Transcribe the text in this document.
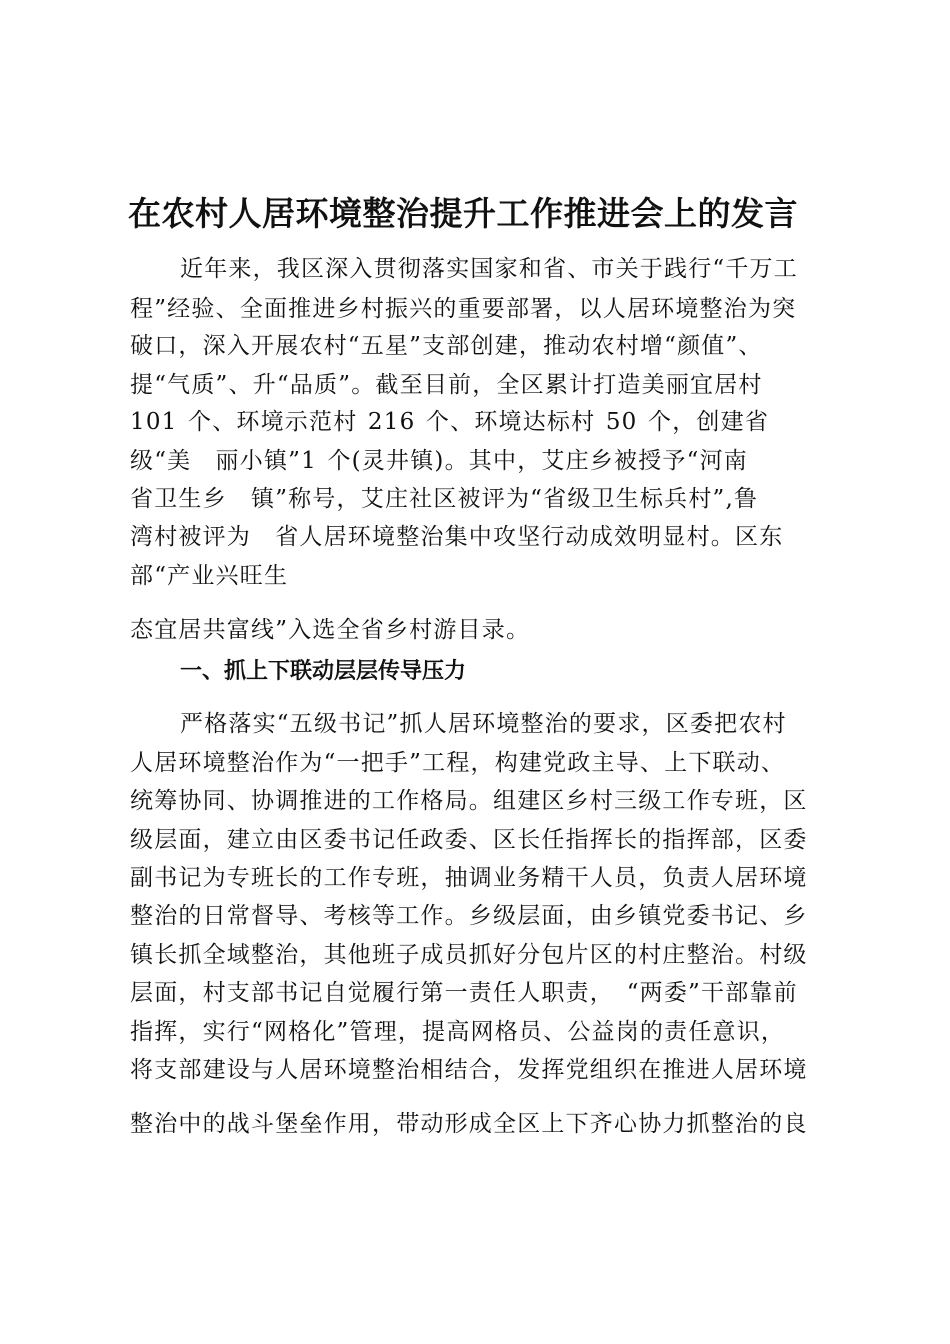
在农村人居环境整治提升工作推进会上的发言

近年来，我区深入贯彻落实国家和省、市关于践行“千万工

程”经验、全面推进乡村振兴的重要部署，以人居环境整治为突

破口，深入开展农村“五星”支部创建，推动农村增“颜值”、

提“气质”、升“品质”。截至目前，全区累计打造美丽宜居村

101 个、环境示范村 216 个、环境达标村 50 个，创建省

级“美　丽小镇”1 个(灵井镇)。其中，艾庄乡被授予“河南

省卫生乡　镇”称号，艾庄社区被评为“省级卫生标兵村”,鲁

湾村被评为　省人居环境整治集中攻坚行动成效明显村。区东

部“产业兴旺生

态宜居共富线”入选全省乡村游目录。

一、抓上下联动层层传导压力

严格落实“五级书记”抓人居环境整治的要求，区委把农村

人居环境整治作为“一把手”工程，构建党政主导、上下联动、

统筹协同、协调推进的工作格局。组建区乡村三级工作专班，区

级层面，建立由区委书记任政委、区长任指挥长的指挥部，区委

副书记为专班长的工作专班，抽调业务精干人员，负责人居环境

整治的日常督导、考核等工作。乡级层面，由乡镇党委书记、乡

镇长抓全域整治，其他班子成员抓好分包片区的村庄整治。村级

层面，村支部书记自觉履行第一责任人职责，　“两委”干部靠前

指挥，实行“网格化”管理，提高网格员、公益岗的责任意识，

将支部建设与人居环境整治相结合，发挥党组织在推进人居环境

整治中的战斗堡垒作用，带动形成全区上下齐心协力抓整治的良
